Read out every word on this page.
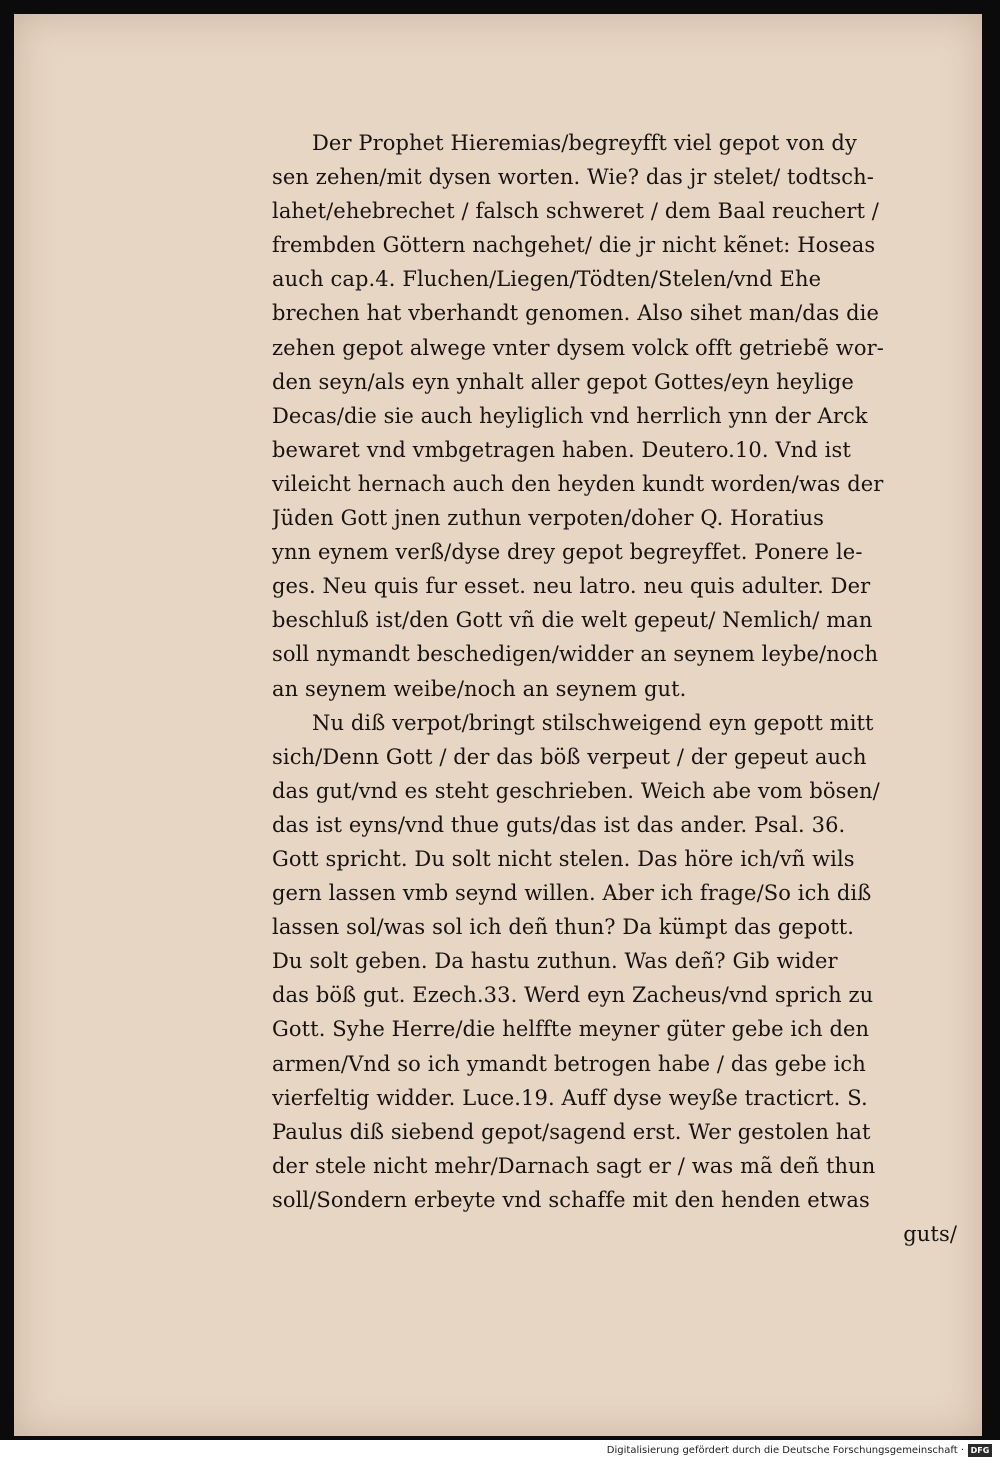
Der Prophet Hieremias/begreyfft viel gepot von dy
sen zehen/mit dysen worten. Wie? das jr stelet/ todtsch-
lahet/ehebrechet / falsch schweret / dem Baal reuchert /
frembden Göttern nachgehet/ die jr nicht kẽnet: Hoseas
auch cap.4. Fluchen/Liegen/Tödten/Stelen/vnd Ehe
brechen hat vberhandt genomen. Also sihet man/das die
zehen gepot alwege vnter dysem volck offt getriebẽ wor-
den seyn/als eyn ynhalt aller gepot Gottes/eyn heylige
Decas/die sie auch heyliglich vnd herrlich ynn der Arck
bewaret vnd vmbgetragen haben. Deutero.10. Vnd ist
vileicht hernach auch den heyden kundt worden/was der
Jüden Gott jnen zuthun verpoten/doher Q. Horatius
ynn eynem verß/dyse drey gepot begreyffet. Ponere le-
ges. Neu quis fur esset. neu latro. neu quis adulter. Der
beschluß ist/den Gott vñ die welt gepeut/ Nemlich/ man
soll nymandt beschedigen/widder an seynem leybe/noch
an seynem weibe/noch an seynem gut.
Nu diß verpot/bringt stilschweigend eyn gepott mitt
sich/Denn Gott / der das böß verpeut / der gepeut auch
das gut/vnd es steht geschrieben. Weich abe vom bösen/
das ist eyns/vnd thue guts/das ist das ander. Psal. 36.
Gott spricht. Du solt nicht stelen. Das höre ich/vñ wils
gern lassen vmb seynd willen. Aber ich frage/So ich diß
lassen sol/was sol ich deñ thun? Da kümpt das gepott.
Du solt geben. Da hastu zuthun. Was deñ? Gib wider
das böß gut. Ezech.33. Werd eyn Zacheus/vnd sprich zu
Gott. Syhe Herre/die helffte meyner güter gebe ich den
armen/Vnd so ich ymandt betrogen habe / das gebe ich
vierfeltig widder. Luce.19. Auff dyse weyße tracticrt. S.
Paulus diß siebend gepot/sagend erst. Wer gestolen hat
der stele nicht mehr/Darnach sagt er / was mã deñ thun
soll/Sondern erbeyte vnd schaffe mit den henden etwas
guts/
Digitalisierung gefördert durch die Deutsche Forschungsgemeinschaft · DFG
